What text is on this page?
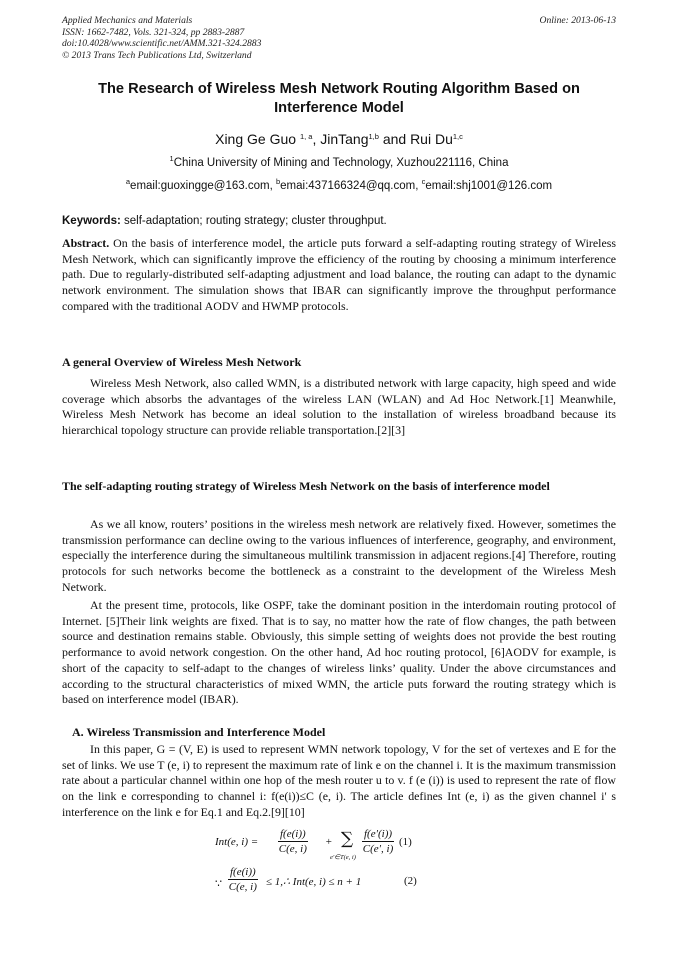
Applied Mechanics and Materials
ISSN: 1662-7482, Vols. 321-324, pp 2883-2887
doi:10.4028/www.scientific.net/AMM.321-324.2883
© 2013 Trans Tech Publications Ltd, Switzerland
Online: 2013-06-13
The Research of Wireless Mesh Network Routing Algorithm Based on Interference Model
Xing Ge Guo $^{1, a}$, JinTang$^{1,b}$ and Rui Du$^{1,c}$
$^1$China University of Mining and Technology, Xuzhou221116, China
$^a$email:guoxingge@163.com, $^b$emai:437166324@qq.com, $^c$email:shj1001@126.com
Keywords: self-adaptation; routing strategy; cluster throughput.
Abstract. On the basis of interference model, the article puts forward a self-adapting routing strategy of Wireless Mesh Network, which can significantly improve the efficiency of the routing by choosing a minimum interference path. Due to regularly-distributed self-adapting adjustment and load balance, the routing can adapt to the dynamic network environment. The simulation shows that IBAR can significantly improve the throughput performance compared with the traditional AODV and HWMP protocols.
A general Overview of Wireless Mesh Network
Wireless Mesh Network, also called WMN, is a distributed network with large capacity, high speed and wide coverage which absorbs the advantages of the wireless LAN (WLAN) and Ad Hoc Network.[1] Meanwhile, Wireless Mesh Network has become an ideal solution to the installation of wireless broadband because its hierarchical topology structure can provide reliable transportation.[2][3]
The self-adapting routing strategy of Wireless Mesh Network on the basis of interference model
As we all know, routers’ positions in the wireless mesh network are relatively fixed. However, sometimes the transmission performance can decline owing to the various influences of interference, geography, and environment, especially the interference during the simultaneous multilink transmission in adjacent regions.[4] Therefore, routing protocols for such networks become the bottleneck as a constraint to the development of the Wireless Mesh Network.
At the present time, protocols, like OSPF, take the dominant position in the interdomain routing protocol of Internet. [5]Their link weights are fixed. That is to say, no matter how the rate of flow changes, the path between source and destination remains stable. Obviously, this simple setting of weights does not provide the best routing performance to avoid network congestion. On the other hand, Ad hoc routing protocol, [6]AODV for example, is short of the capacity to self-adapt to the changes of wireless links’ quality. Under the above circumstances and according to the structural characteristics of mixed WMN, the article puts forward the routing strategy which is based on interference model (IBAR).
A. Wireless Transmission and Interference Model
In this paper, G = (V, E) is used to represent WMN network topology, V for the set of vertexes and E for the set of links. We use T (e, i) to represent the maximum rate of link e on the channel i. It is the maximum transmission rate about a particular channel within one hop of the mesh router u to v. f (e (i)) is used to represent the rate of flow on the link e corresponding to channel i: f(e(i))≤C (e, i). The article defines Int (e, i) as the given channel i' s interference on the link e for Eq.1 and Eq.2.[9][10]
Int(e, $i) = \frac{f(e(i))}{C(e, i)}$ + ∑
e′∈T(e, i)
$\frac{f(e'(i))}{C(e', i)} (1)$
∵ $\frac{f(e(i))}{C(e, i)}$ ≤ 1,∴ Int(e, i) ≤ n + 1	(2)
